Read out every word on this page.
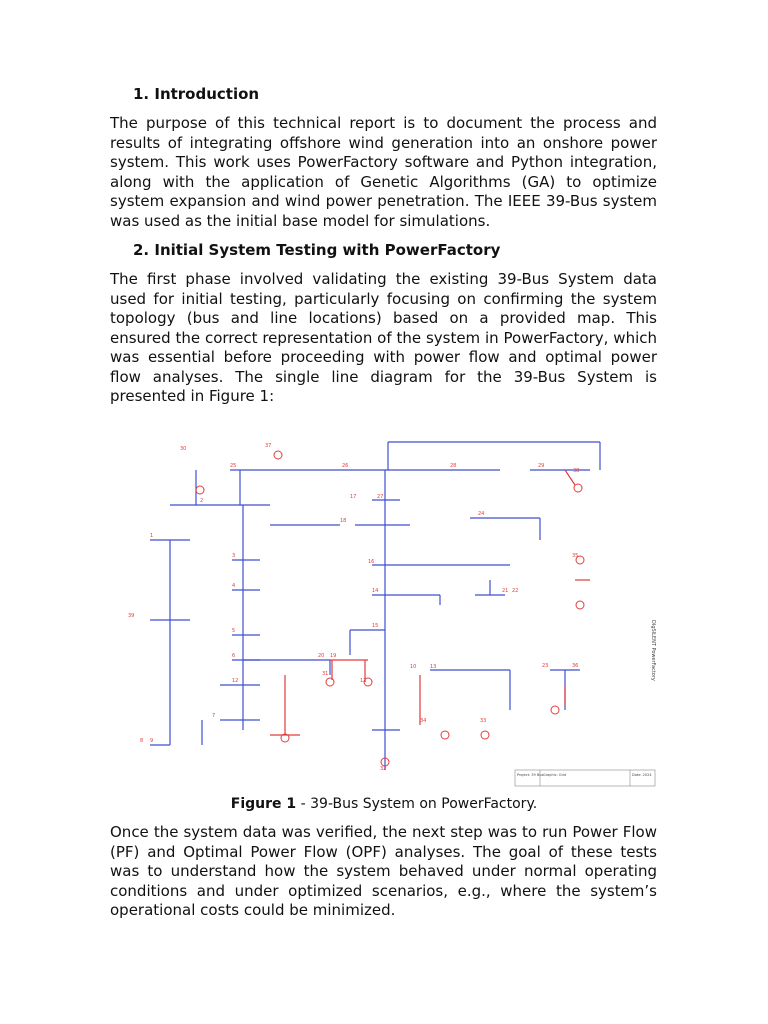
1. Introduction

The purpose of this technical report is to document the process and results of integrating offshore wind generation into an onshore power system. This work uses PowerFactory software and Python integration, along with the application of Genetic Algorithms (GA) to optimize system expansion and wind power penetration. The IEEE 39-Bus system was used as the initial base model for simulations.

2. Initial System Testing with PowerFactory

The first phase involved validating the existing 39-Bus System data used for initial testing, particularly focusing on confirming the system topology (bus and line locations) based on a provided map. This ensured the correct representation of the system in PowerFactory, which was essential before proceeding with power flow and optimal power flow analyses. The single line diagram for the 39-Bus System is presented in Figure 1:

37
30
25
2
26	28	29
38
1
18
17	27
24
16
35
21 22
39
9
3
4
5
14
15
23	36
6
12
19
20
31
7
11
13
10
32
8
34	33
DIgSILENT PowerFactory
Project: 39 Bus Graphic: Grid	Date: 2024
Figure 1 - 39-Bus System on PowerFactory.

Once the system data was verified, the next step was to run Power Flow (PF) and Optimal Power Flow (OPF) analyses. The goal of these tests was to understand how the system behaved under normal operating conditions and under optimized scenarios, e.g., where the system’s operational costs could be minimized.
